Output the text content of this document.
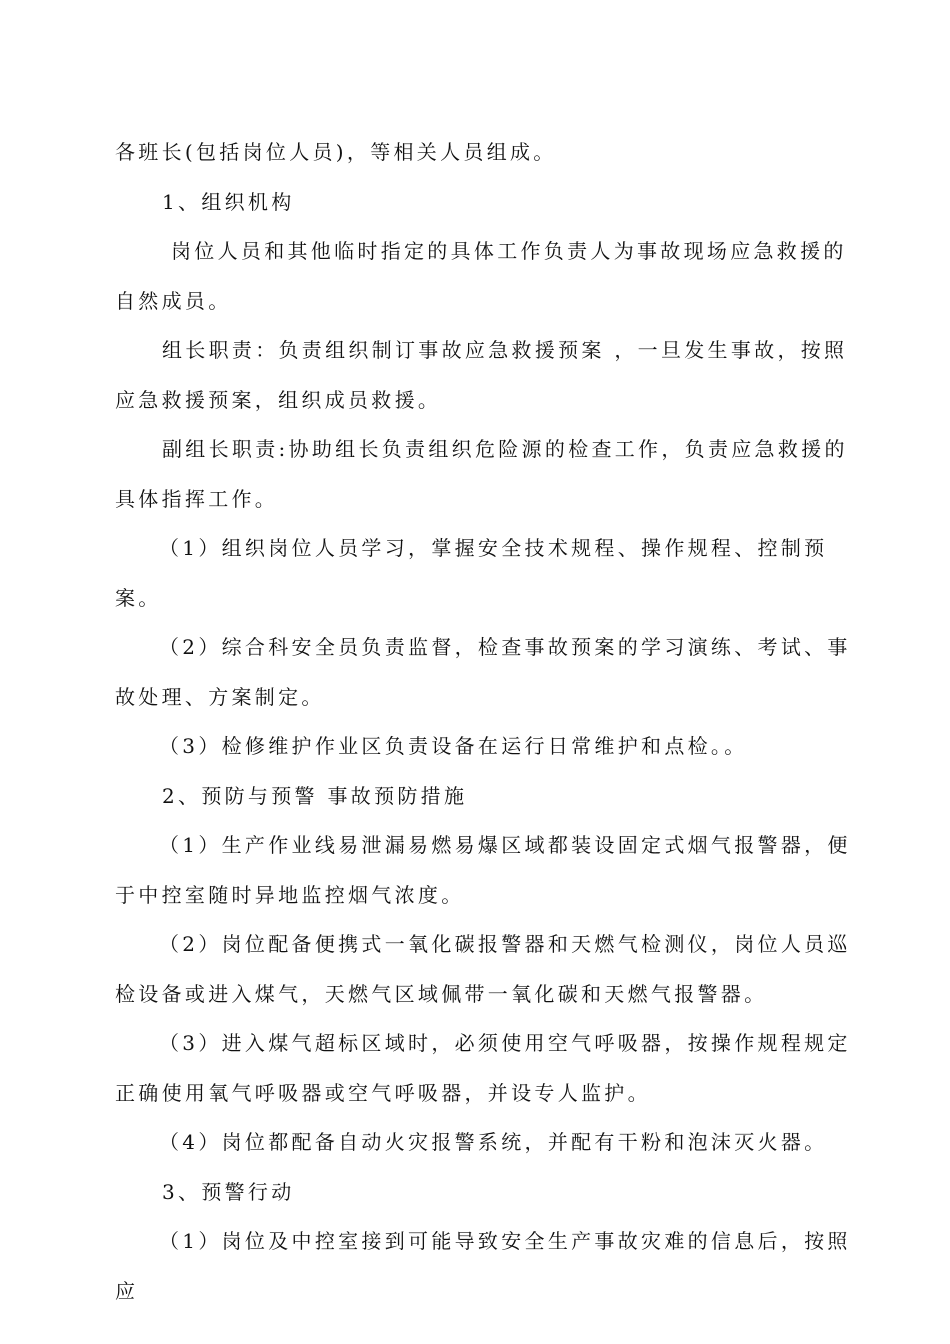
各班长(包括岗位人员)，等相关人员组成。

1、组织机构

岗位人员和其他临时指定的具体工作负责人为事故现场应急救援的自然成员。

组长职责：负责组织制订事故应急救援预案 ，一旦发生事故，按照应急救援预案，组织成员救援。

副组长职责:协助组长负责组织危险源的检查工作，负责应急救援的具体指挥工作。

（1）组织岗位人员学习，掌握安全技术规程、操作规程、控制预案。

（2）综合科安全员负责监督，检查事故预案的学习演练、考试、事故处理、方案制定。

（3）检修维护作业区负责设备在运行日常维护和点检。。

2、预防与预警 事故预防措施

（1）生产作业线易泄漏易燃易爆区域都装设固定式烟气报警器，便于中控室随时异地监控烟气浓度。

（2）岗位配备便携式一氧化碳报警器和天燃气检测仪，岗位人员巡检设备或进入煤气，天燃气区域佩带一氧化碳和天燃气报警器。

（3）进入煤气超标区域时，必须使用空气呼吸器，按操作规程规定正确使用氧气呼吸器或空气呼吸器，并设专人监护。

（4）岗位都配备自动火灾报警系统，并配有干粉和泡沫灭火器。

3、预警行动

（1）岗位及中控室接到可能导致安全生产事故灾难的信息后，按照应
